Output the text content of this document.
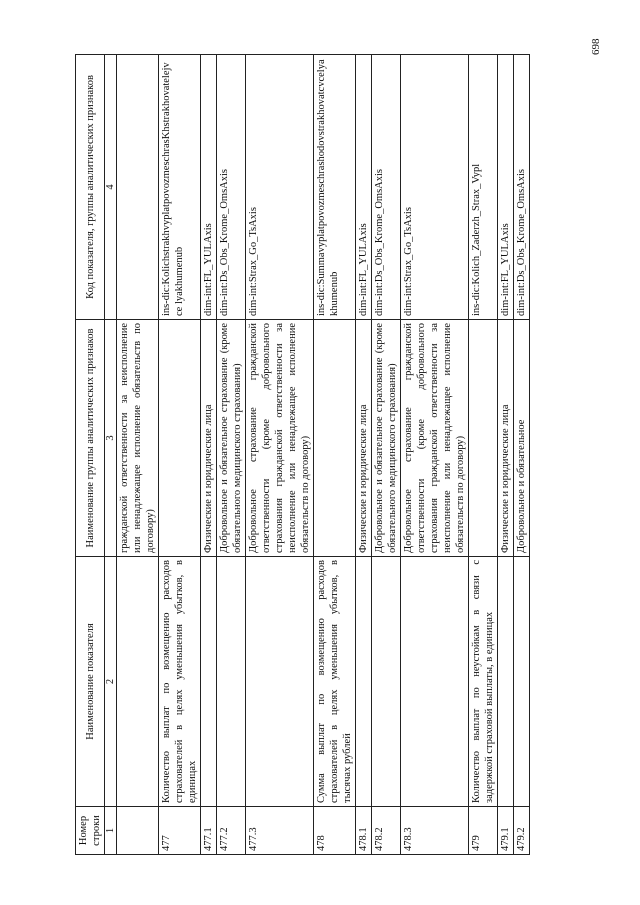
Номер строки	Наименование показателя	Наименование группы аналитических признаков	Код показателя, группы аналитических признаков
1	2	3	4
		гражданской ответственности за неисполнение или ненадлежащее исполнение обязательств по договору)	
477	Количество выплат по возмещению расходов страхователей в целях уменьшения убытков, в единицах		ins-dic:KolichstrakhvyplatpovozmeschrasKhstrakhovatelejvce lyakhumenub
477.1		Физические и юридические лица	dim-int:FL_YULAxis
477.2		Добровольное и обязательное страхование (кроме обязательного медицинского страхования)	dim-int:Ds_Obs_Krome_OmsAxis
477.3		Добровольное страхование гражданской ответственности (кроме добровольного страхования гражданской ответственности за неисполнение или ненадлежащее исполнение обязательств по договору)	dim-int:Strax_Go_TsAxis
478	Сумма выплат по возмещению расходов страхователей в целях уменьшения убытков, в тысячах рублей		ins-dic:Summavyplatpovozmeschrashodovstrakhovatcvcelya khumenub
478.1		Физические и юридические лица	dim-int:FL_YULAxis
478.2		Добровольное и обязательное страхование (кроме обязательного медицинского страхования)	dim-int:Ds_Obs_Krome_OmsAxis
478.3		Добровольное страхование гражданской ответственности (кроме добровольного страхования гражданской ответственности за неисполнение или ненадлежащее исполнение обязательств по договору)	dim-int:Strax_Go_TsAxis
479	Количество выплат по неустойкам в связи с задержкой страховой выплаты, в единицах		ins-dic:Kolich_Zaderzh_Strax_Vypl
479.1		Физические и юридические лица	dim-int:FL_YULAxis
479.2		Добровольное и обязательное	dim-int:Ds_Obs_Krome_OmsAxis
698
